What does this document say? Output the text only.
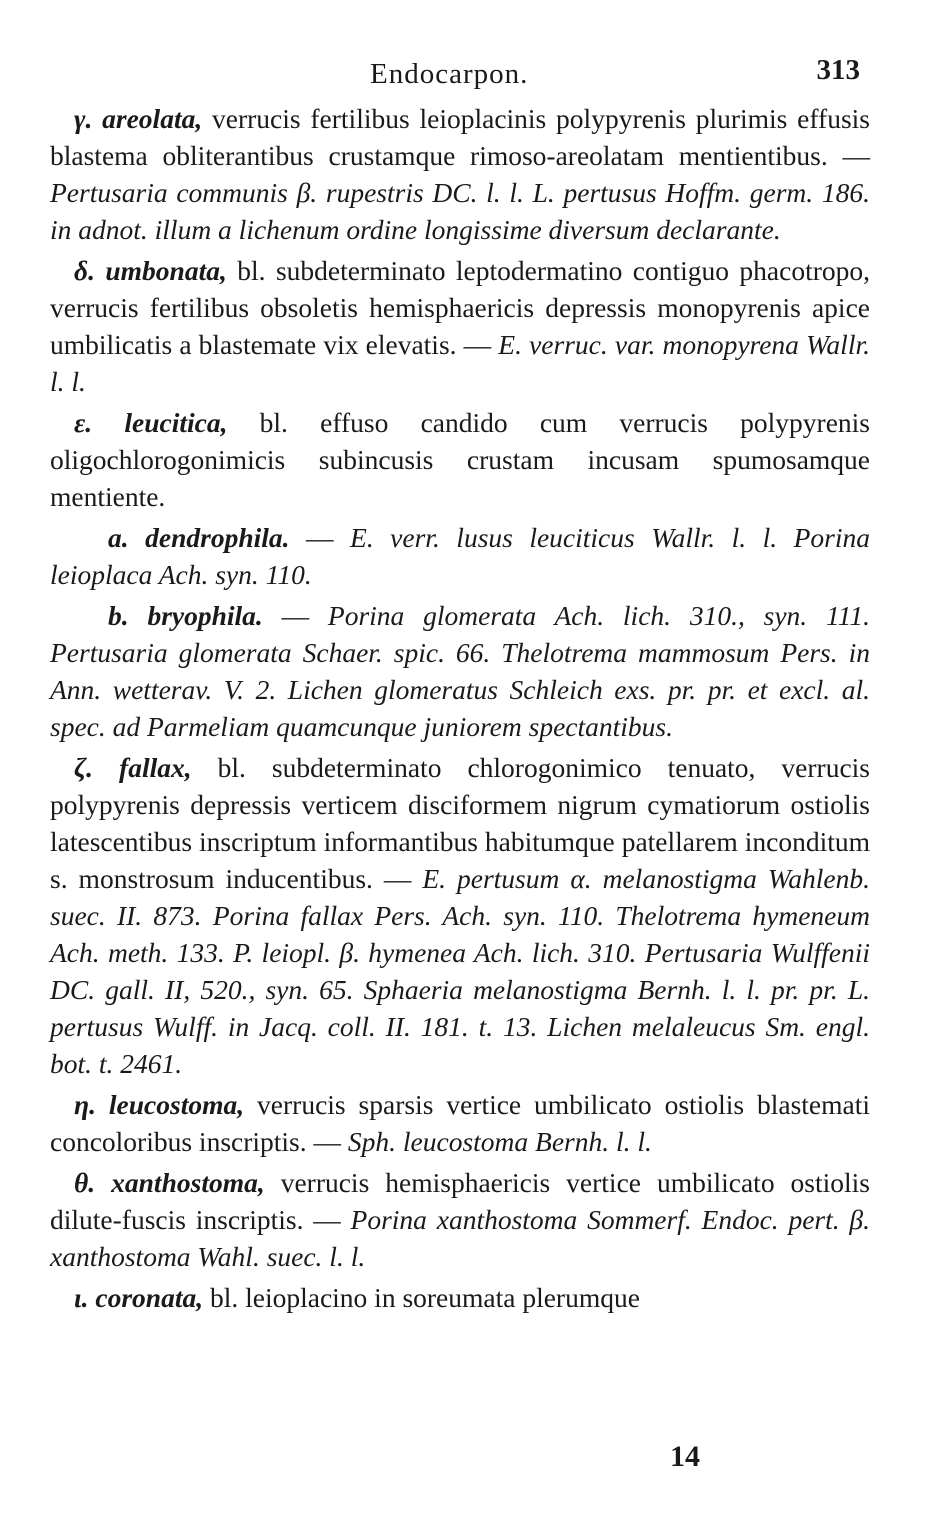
Endocarpon.	313

γ. areolata, verrucis fertilibus leioplacinis polypyrenis plurimis effusis blastema obliterantibus crustamque rimoso-areolatam mentientibus. — Pertusaria communis β. rupestris DC. l. l. L. pertusus Hoffm. germ. 186. in adnot. illum a lichenum ordine longissime diversum declarante.

δ. umbonata, bl. subdeterminato leptodermatino contiguo phacotropo, verrucis fertilibus obsoletis hemisphaericis depressis monopyrenis apice umbilicatis a blastemate vix elevatis. — E. verruc. var. monopyrena Wallr. l. l.

ε. leucitica, bl. effuso candido cum verrucis polypyrenis oligochlorogonimicis subincusis crustam incusam spumosamque mentiente.

a. dendrophila. — E. verr. lusus leuciticus Wallr. l. l. Porina leioplaca Ach. syn. 110.

b. bryophila. — Porina glomerata Ach. lich. 310., syn. 111. Pertusaria glomerata Schaer. spic. 66. Thelotrema mammosum Pers. in Ann. wetterav. V. 2. Lichen glomeratus Schleich exs. pr. pr. et excl. al. spec. ad Parmeliam quamcunque juniorem spectantibus.

ζ. fallax, bl. subdeterminato chlorogonimico tenuato, verrucis polypyrenis depressis verticem disciformem nigrum cymatiorum ostiolis latescentibus inscriptum informantibus habitumque patellarem inconditum s. monstrosum inducentibus. — E. pertusum α. melanostigma Wahlenb. suec. II. 873. Porina fallax Pers. Ach. syn. 110. Thelotrema hymeneum Ach. meth. 133. P. leiopl. β. hymenea Ach. lich. 310. Pertusaria Wulffenii DC. gall. II, 520., syn. 65. Sphaeria melanostigma Bernh. l. l. pr. pr. L. pertusus Wulff. in Jacq. coll. II. 181. t. 13. Lichen melaleucus Sm. engl. bot. t. 2461.

η. leucostoma, verrucis sparsis vertice umbilicato ostiolis blastemati concoloribus inscriptis. — Sph. leucostoma Bernh. l. l.

θ. xanthostoma, verrucis hemisphaericis vertice umbilicato ostiolis dilute-fuscis inscriptis. — Porina xanthostoma Sommerf. Endoc. pert. β. xanthostoma Wahl. suec. l. l.

ι. coronata, bl. leioplacino in soreumata plerumque

14
